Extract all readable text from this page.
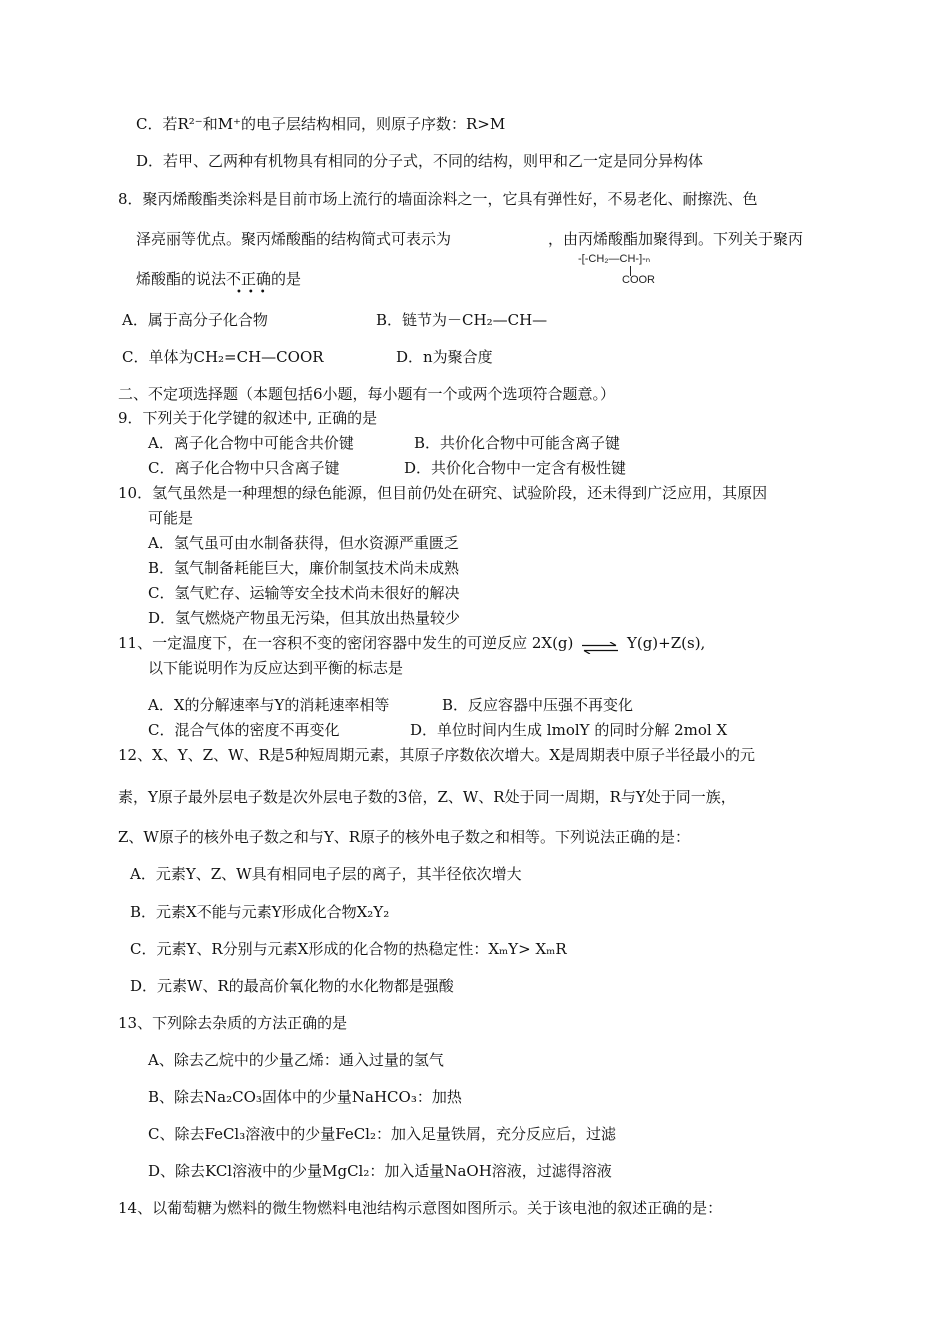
C．若R²⁻和M⁺的电子层结构相同，则原子序数：R>M
D．若甲、乙两种有机物具有相同的分子式，不同的结构，则甲和乙一定是同分异构体
8．聚丙烯酸酯类涂料是目前市场上流行的墙面涂料之一，它具有弹性好，不易老化、耐擦洗、色
泽亮丽等优点。聚丙烯酸酯的结构简式可表示为	，由丙烯酸酯加聚得到。下列关于聚丙
-[-CH₂—CH-]-ₙ
COOR
烯酸酯的说法不正确的是
•••
A．属于高分子化合物	B．链节为－CH₂—CH—
C．单体为CH₂=CH—COOR	D．n为聚合度
二、不定项选择题（本题包括6小题，每小题有一个或两个选项符合题意。）
9．下列关于化学键的叙述中, 正确的是
A．离子化合物中可能含共价键	B．共价化合物中可能含离子键
C．离子化合物中只含离子键	D．共价化合物中一定含有极性键
10．氢气虽然是一种理想的绿色能源，但目前仍处在研究、试验阶段，还未得到广泛应用，其原因
可能是
A．氢气虽可由水制备获得，但水资源严重匮乏
B．氢气制备耗能巨大，廉价制氢技术尚未成熟
C．氢气贮存、运输等安全技术尚未很好的解决
D．氢气燃烧产物虽无污染，但其放出热量较少
11、一定温度下，在一容积不变的密闭容器中发生的可逆反应 2X(g) ⇌ Y(g)+Z(s),
以下能说明作为反应达到平衡的标志是
A．X的分解速率与Y的消耗速率相等	B．反应容器中压强不再变化
C．混合气体的密度不再变化	D．单位时间内生成 lmolY 的同时分解 2mol X
12、X、Y、Z、W、R是5种短周期元素，其原子序数依次增大。X是周期表中原子半径最小的元
素，Y原子最外层电子数是次外层电子数的3倍，Z、W、R处于同一周期，R与Y处于同一族，
Z、W原子的核外电子数之和与Y、R原子的核外电子数之和相等。下列说法正确的是：
A．元素Y、Z、W具有相同电子层的离子，其半径依次增大
B．元素X不能与元素Y形成化合物X₂Y₂
C．元素Y、R分别与元素X形成的化合物的热稳定性：XₘY> XₘR
D．元素W、R的最高价氧化物的水化物都是强酸
13、下列除去杂质的方法正确的是
A、除去乙烷中的少量乙烯：通入过量的氢气
B、除去Na₂CO₃固体中的少量NaHCO₃：加热
C、除去FeCl₃溶液中的少量FeCl₂：加入足量铁屑，充分反应后，过滤
D、除去KCl溶液中的少量MgCl₂：加入适量NaOH溶液，过滤得溶液
14、以葡萄糖为燃料的微生物燃料电池结构示意图如图所示。关于该电池的叙述正确的是：
